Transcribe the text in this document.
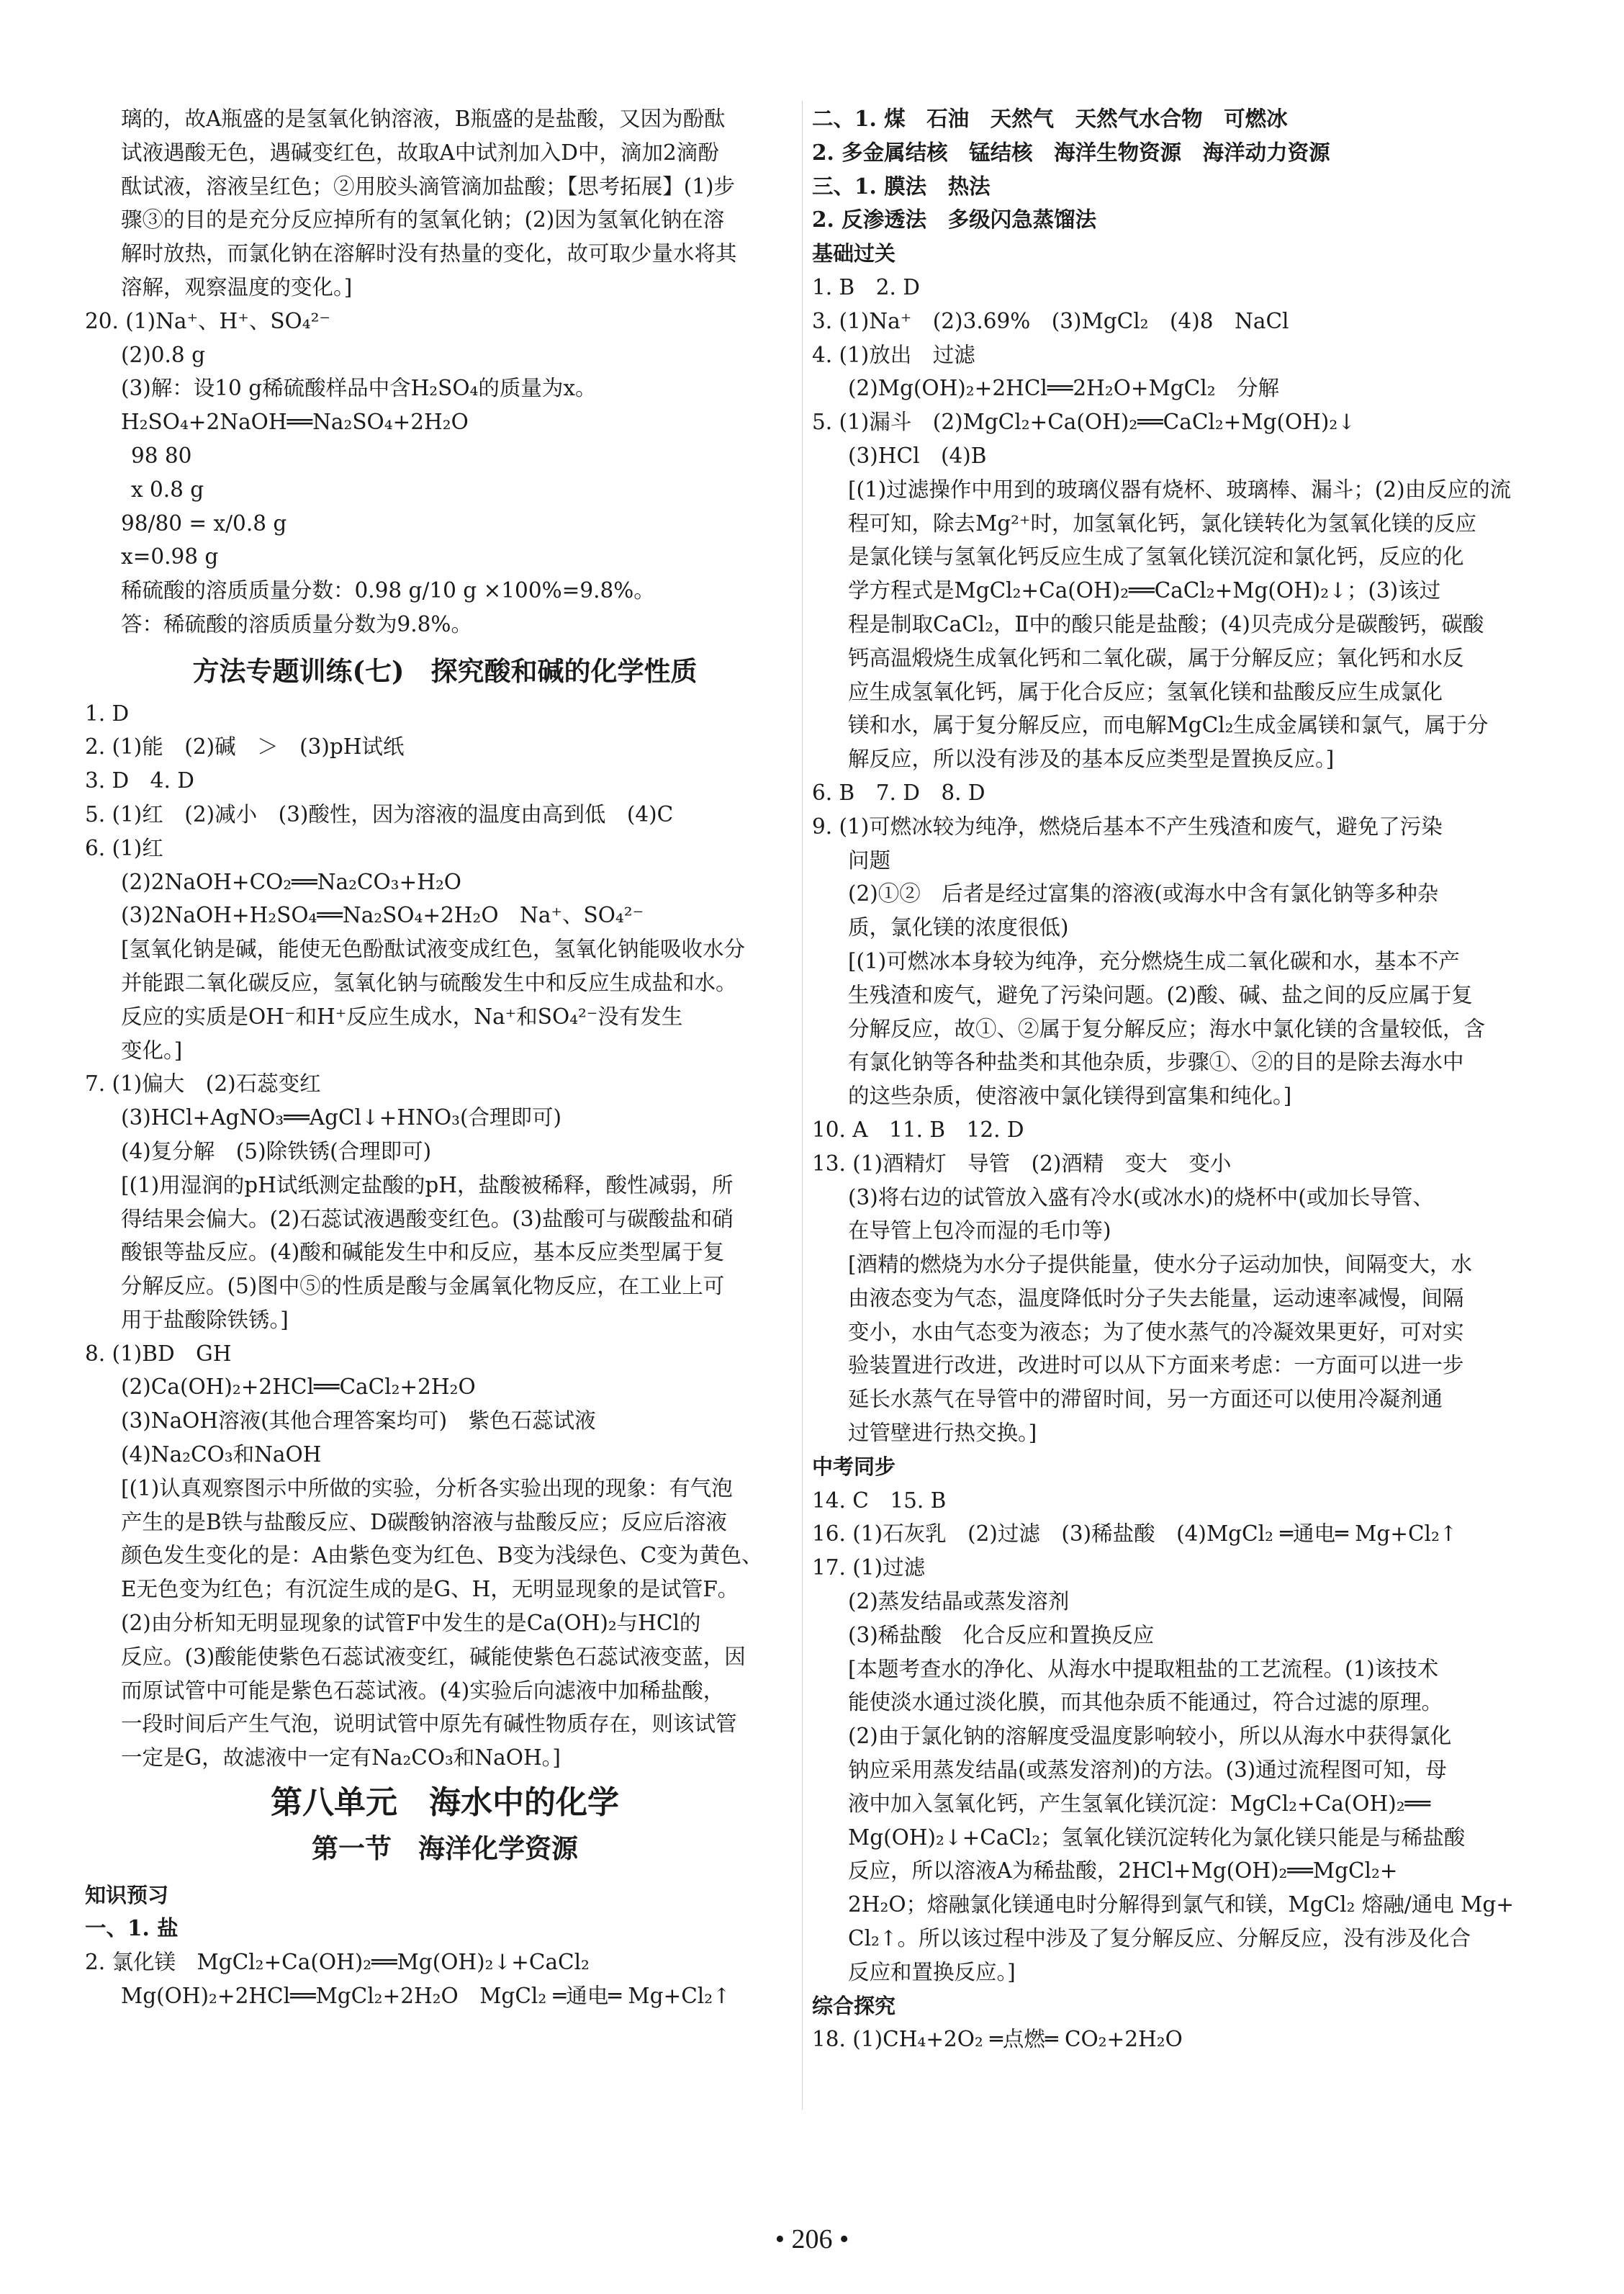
璃的，故A瓶盛的是氢氧化钠溶液，B瓶盛的是盐酸，又因为酚酞
试液遇酸无色，遇碱变红色，故取A中试剂加入D中，滴加2滴酚
酞试液，溶液呈红色；②用胶头滴管滴加盐酸；【思考拓展】(1)步
骤③的目的是充分反应掉所有的氢氧化钠；(2)因为氢氧化钠在溶
解时放热，而氯化钠在溶解时没有热量的变化，故可取少量水将其
溶解，观察温度的变化。]
20. (1)Na⁺、H⁺、SO₄²⁻
(2)0.8 g
(3)解：设10 g稀硫酸样品中含H₂SO₄的质量为x。
H₂SO₄+2NaOH══Na₂SO₄+2H₂O
98 80
x 0.8 g
98/80 = x/0.8 g
x=0.98 g
稀硫酸的溶质质量分数：0.98 g/10 g ×100%=9.8%。
答：稀硫酸的溶质质量分数为9.8%。
方法专题训练(七)　探究酸和碱的化学性质
1. D
2. (1)能　(2)碱　＞　(3)pH试纸
3. D　4. D
5. (1)红　(2)减小　(3)酸性，因为溶液的温度由高到低　(4)C
6. (1)红
(2)2NaOH+CO₂══Na₂CO₃+H₂O
(3)2NaOH+H₂SO₄══Na₂SO₄+2H₂O　Na⁺、SO₄²⁻
[氢氧化钠是碱，能使无色酚酞试液变成红色，氢氧化钠能吸收水分
并能跟二氧化碳反应，氢氧化钠与硫酸发生中和反应生成盐和水。
反应的实质是OH⁻和H⁺反应生成水，Na⁺和SO₄²⁻没有发生
变化。]
7. (1)偏大　(2)石蕊变红
(3)HCl+AgNO₃══AgCl↓+HNO₃(合理即可)
(4)复分解　(5)除铁锈(合理即可)
[(1)用湿润的pH试纸测定盐酸的pH，盐酸被稀释，酸性减弱，所
得结果会偏大。(2)石蕊试液遇酸变红色。(3)盐酸可与碳酸盐和硝
酸银等盐反应。(4)酸和碱能发生中和反应，基本反应类型属于复
分解反应。(5)图中⑤的性质是酸与金属氧化物反应，在工业上可
用于盐酸除铁锈。]
8. (1)BD　GH
(2)Ca(OH)₂+2HCl══CaCl₂+2H₂O
(3)NaOH溶液(其他合理答案均可)　紫色石蕊试液
(4)Na₂CO₃和NaOH
[(1)认真观察图示中所做的实验，分析各实验出现的现象：有气泡
产生的是B铁与盐酸反应、D碳酸钠溶液与盐酸反应；反应后溶液
颜色发生变化的是：A由紫色变为红色、B变为浅绿色、C变为黄色、
E无色变为红色；有沉淀生成的是G、H，无明显现象的是试管F。
(2)由分析知无明显现象的试管F中发生的是Ca(OH)₂与HCl的
反应。(3)酸能使紫色石蕊试液变红，碱能使紫色石蕊试液变蓝，因
而原试管中可能是紫色石蕊试液。(4)实验后向滤液中加稀盐酸，
一段时间后产生气泡，说明试管中原先有碱性物质存在，则该试管
一定是G，故滤液中一定有Na₂CO₃和NaOH。]
第八单元　海水中的化学
第一节　海洋化学资源
知识预习
一、1. 盐
2. 氯化镁　MgCl₂+Ca(OH)₂══Mg(OH)₂↓+CaCl₂
Mg(OH)₂+2HCl══MgCl₂+2H₂O　MgCl₂ ═通电═ Mg+Cl₂↑
二、1. 煤　石油　天然气　天然气水合物　可燃冰
2. 多金属结核　锰结核　海洋生物资源　海洋动力资源
三、1. 膜法　热法
2. 反渗透法　多级闪急蒸馏法
基础过关
1. B　2. D
3. (1)Na⁺　(2)3.69%　(3)MgCl₂　(4)8　NaCl
4. (1)放出　过滤
(2)Mg(OH)₂+2HCl══2H₂O+MgCl₂　分解
5. (1)漏斗　(2)MgCl₂+Ca(OH)₂══CaCl₂+Mg(OH)₂↓
(3)HCl　(4)B
[(1)过滤操作中用到的玻璃仪器有烧杯、玻璃棒、漏斗；(2)由反应的流
程可知，除去Mg²⁺时，加氢氧化钙，氯化镁转化为氢氧化镁的反应
是氯化镁与氢氧化钙反应生成了氢氧化镁沉淀和氯化钙，反应的化
学方程式是MgCl₂+Ca(OH)₂══CaCl₂+Mg(OH)₂↓；(3)该过
程是制取CaCl₂，Ⅱ中的酸只能是盐酸；(4)贝壳成分是碳酸钙，碳酸
钙高温煅烧生成氧化钙和二氧化碳，属于分解反应；氧化钙和水反
应生成氢氧化钙，属于化合反应；氢氧化镁和盐酸反应生成氯化
镁和水，属于复分解反应，而电解MgCl₂生成金属镁和氯气，属于分
解反应，所以没有涉及的基本反应类型是置换反应。]
6. B　7. D　8. D
9. (1)可燃冰较为纯净，燃烧后基本不产生残渣和废气，避免了污染
问题
(2)①②　后者是经过富集的溶液(或海水中含有氯化钠等多种杂
质，氯化镁的浓度很低)
[(1)可燃冰本身较为纯净，充分燃烧生成二氧化碳和水，基本不产
生残渣和废气，避免了污染问题。(2)酸、碱、盐之间的反应属于复
分解反应，故①、②属于复分解反应；海水中氯化镁的含量较低，含
有氯化钠等各种盐类和其他杂质，步骤①、②的目的是除去海水中
的这些杂质，使溶液中氯化镁得到富集和纯化。]
10. A　11. B　12. D
13. (1)酒精灯　导管　(2)酒精　变大　变小
(3)将右边的试管放入盛有冷水(或冰水)的烧杯中(或加长导管、
在导管上包冷而湿的毛巾等)
[酒精的燃烧为水分子提供能量，使水分子运动加快，间隔变大，水
由液态变为气态，温度降低时分子失去能量，运动速率减慢，间隔
变小，水由气态变为液态；为了使水蒸气的冷凝效果更好，可对实
验装置进行改进，改进时可以从下方面来考虑：一方面可以进一步
延长水蒸气在导管中的滞留时间，另一方面还可以使用冷凝剂通
过管壁进行热交换。]
中考同步
14. C　15. B
16. (1)石灰乳　(2)过滤　(3)稀盐酸　(4)MgCl₂ ═通电═ Mg+Cl₂↑
17. (1)过滤
(2)蒸发结晶或蒸发溶剂
(3)稀盐酸　化合反应和置换反应
[本题考查水的净化、从海水中提取粗盐的工艺流程。(1)该技术
能使淡水通过淡化膜，而其他杂质不能通过，符合过滤的原理。
(2)由于氯化钠的溶解度受温度影响较小，所以从海水中获得氯化
钠应采用蒸发结晶(或蒸发溶剂)的方法。(3)通过流程图可知，母
液中加入氢氧化钙，产生氢氧化镁沉淀：MgCl₂+Ca(OH)₂══
Mg(OH)₂↓+CaCl₂；氢氧化镁沉淀转化为氯化镁只能是与稀盐酸
反应，所以溶液A为稀盐酸，2HCl+Mg(OH)₂══MgCl₂+
2H₂O；熔融氯化镁通电时分解得到氯气和镁，MgCl₂ 熔融/通电 Mg+
Cl₂↑。所以该过程中涉及了复分解反应、分解反应，没有涉及化合
反应和置换反应。]
综合探究
18. (1)CH₄+2O₂ ═点燃═ CO₂+2H₂O
• 206 •
